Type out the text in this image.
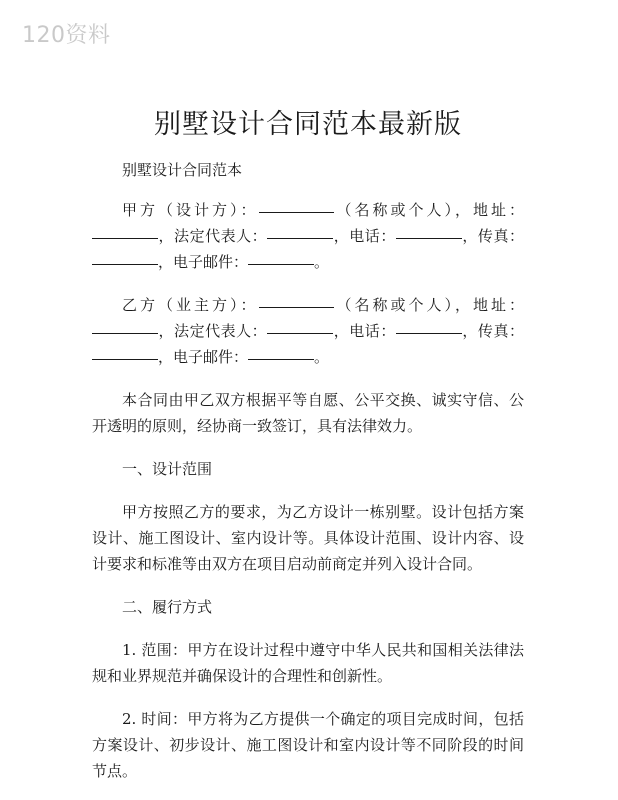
120资料
别墅设计合同范本最新版

别墅设计合同范本

甲方（设计方）：	（名称或个人），地址：，法定代表人：	，电话：	，传真：，电子邮件：	。

乙方（业主方）：	（名称或个人），地址：，法定代表人：	，电话：	，传真：，电子邮件：	。

本合同由甲乙双方根据平等自愿、公平交换、诚实守信、公开透明的原则，经协商一致签订，具有法律效力。

一、设计范围

甲方按照乙方的要求，为乙方设计一栋别墅。设计包括方案设计、施工图设计、室内设计等。具体设计范围、设计内容、设计要求和标准等由双方在项目启动前商定并列入设计合同。

二、履行方式

1. 范围：甲方在设计过程中遵守中华人民共和国相关法律法规和业界规范并确保设计的合理性和创新性。

2. 时间：甲方将为乙方提供一个确定的项目完成时间，包括方案设计、初步设计、施工图设计和室内设计等不同阶段的时间节点。
